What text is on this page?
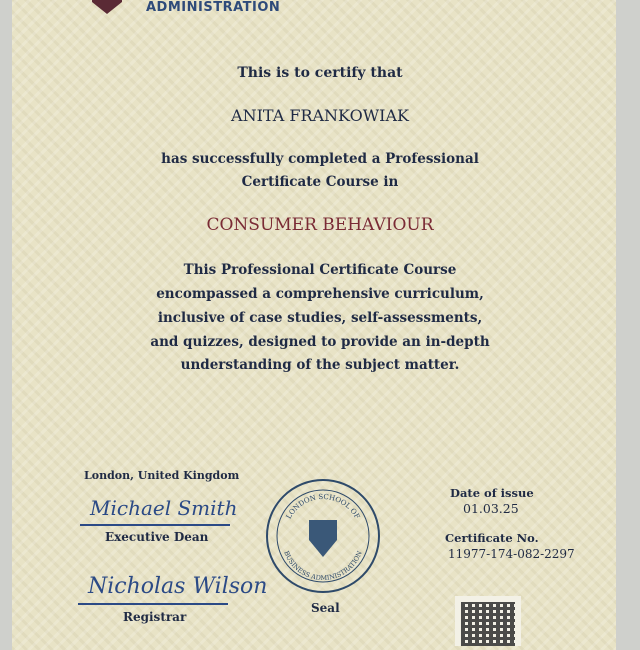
ADMINISTRATION
This is to certify that
ANITA FRANKOWIAK
has successfully completed a Professional
Certificate Course in
CONSUMER BEHAVIOUR
This Professional Certificate Course
encompassed a comprehensive curriculum,
inclusive of case studies, self-assessments,
and quizzes, designed to provide an in-depth
understanding of the subject matter.
London, United Kingdom
Michael Smith
Executive Dean
Nicholas Wilson
Registrar
LONDON SCHOOL OF
BUSINESS ADMINISTRATION
Seal
Date of issue
01.03.25
Certificate No.
11977-174-082-2297
